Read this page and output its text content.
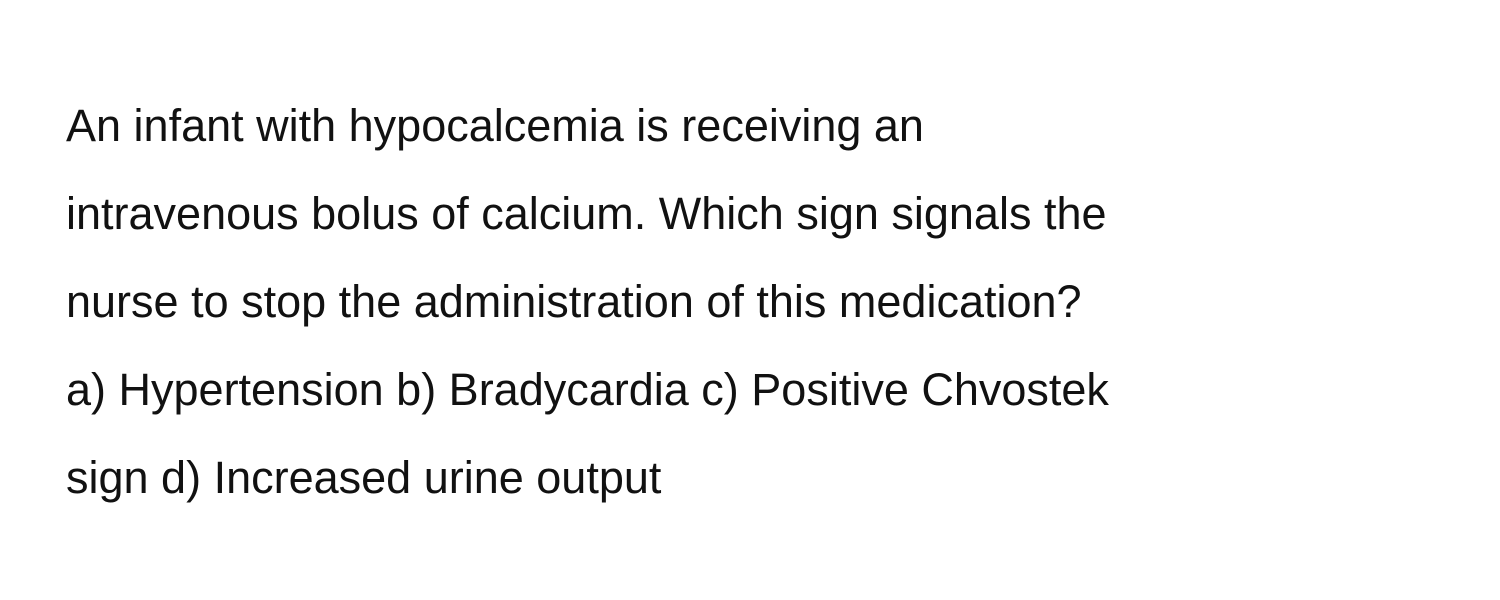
An infant with hypocalcemia is receiving an
intravenous bolus of calcium. Which sign signals the
nurse to stop the administration of this medication?
a) Hypertension b) Bradycardia c) Positive Chvostek
sign d) Increased urine output
